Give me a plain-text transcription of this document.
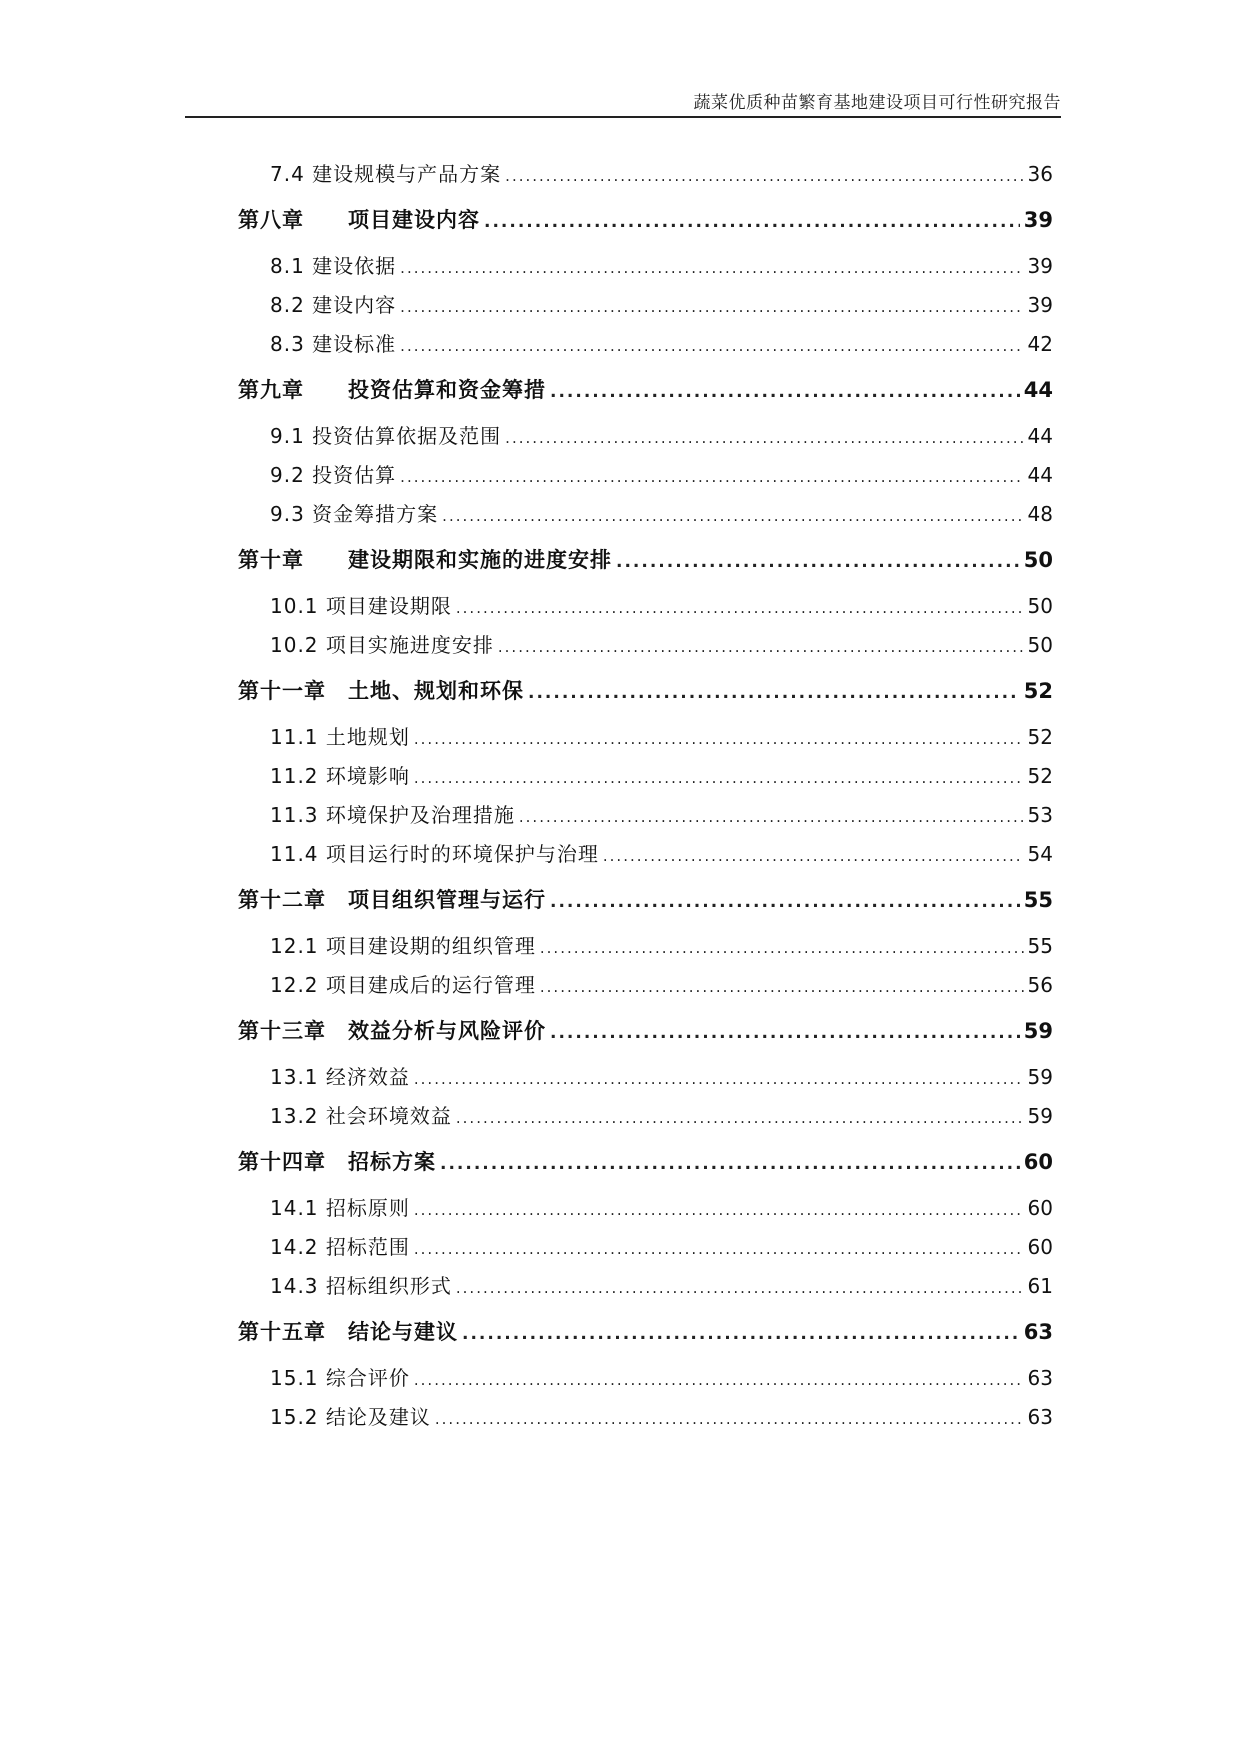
蔬菜优质种苗繁育基地建设项目可行性研究报告
7.4 建设规模与产品方案 .....	36
第八章 项目建设内容 .....	39
8.1 建设依据 .....	39
8.2 建设内容 .....	39
8.3 建设标准 .....	42
第九章 投资估算和资金筹措 .....	44
9.1 投资估算依据及范围 .....	44
9.2 投资估算 .....	44
9.3 资金筹措方案 .....	48
第十章 建设期限和实施的进度安排 .....	50
10.1 项目建设期限 .....	50
10.2 项目实施进度安排 .....	50
第十一章 土地、规划和环保 .....	52
11.1 土地规划 .....	52
11.2 环境影响 .....	52
11.3 环境保护及治理措施 .....	53
11.4 项目运行时的环境保护与治理 .....	54
第十二章 项目组织管理与运行 .....	55
12.1 项目建设期的组织管理 .....	55
12.2 项目建成后的运行管理 .....	56
第十三章 效益分析与风险评价 .....	59
13.1 经济效益 .....	59
13.2 社会环境效益 .....	59
第十四章 招标方案 .....	60
14.1 招标原则 .....	60
14.2 招标范围 .....	60
14.3 招标组织形式 .....	61
第十五章 结论与建议 .....	63
15.1 综合评价 .....	63
15.2 结论及建议 .....	63
